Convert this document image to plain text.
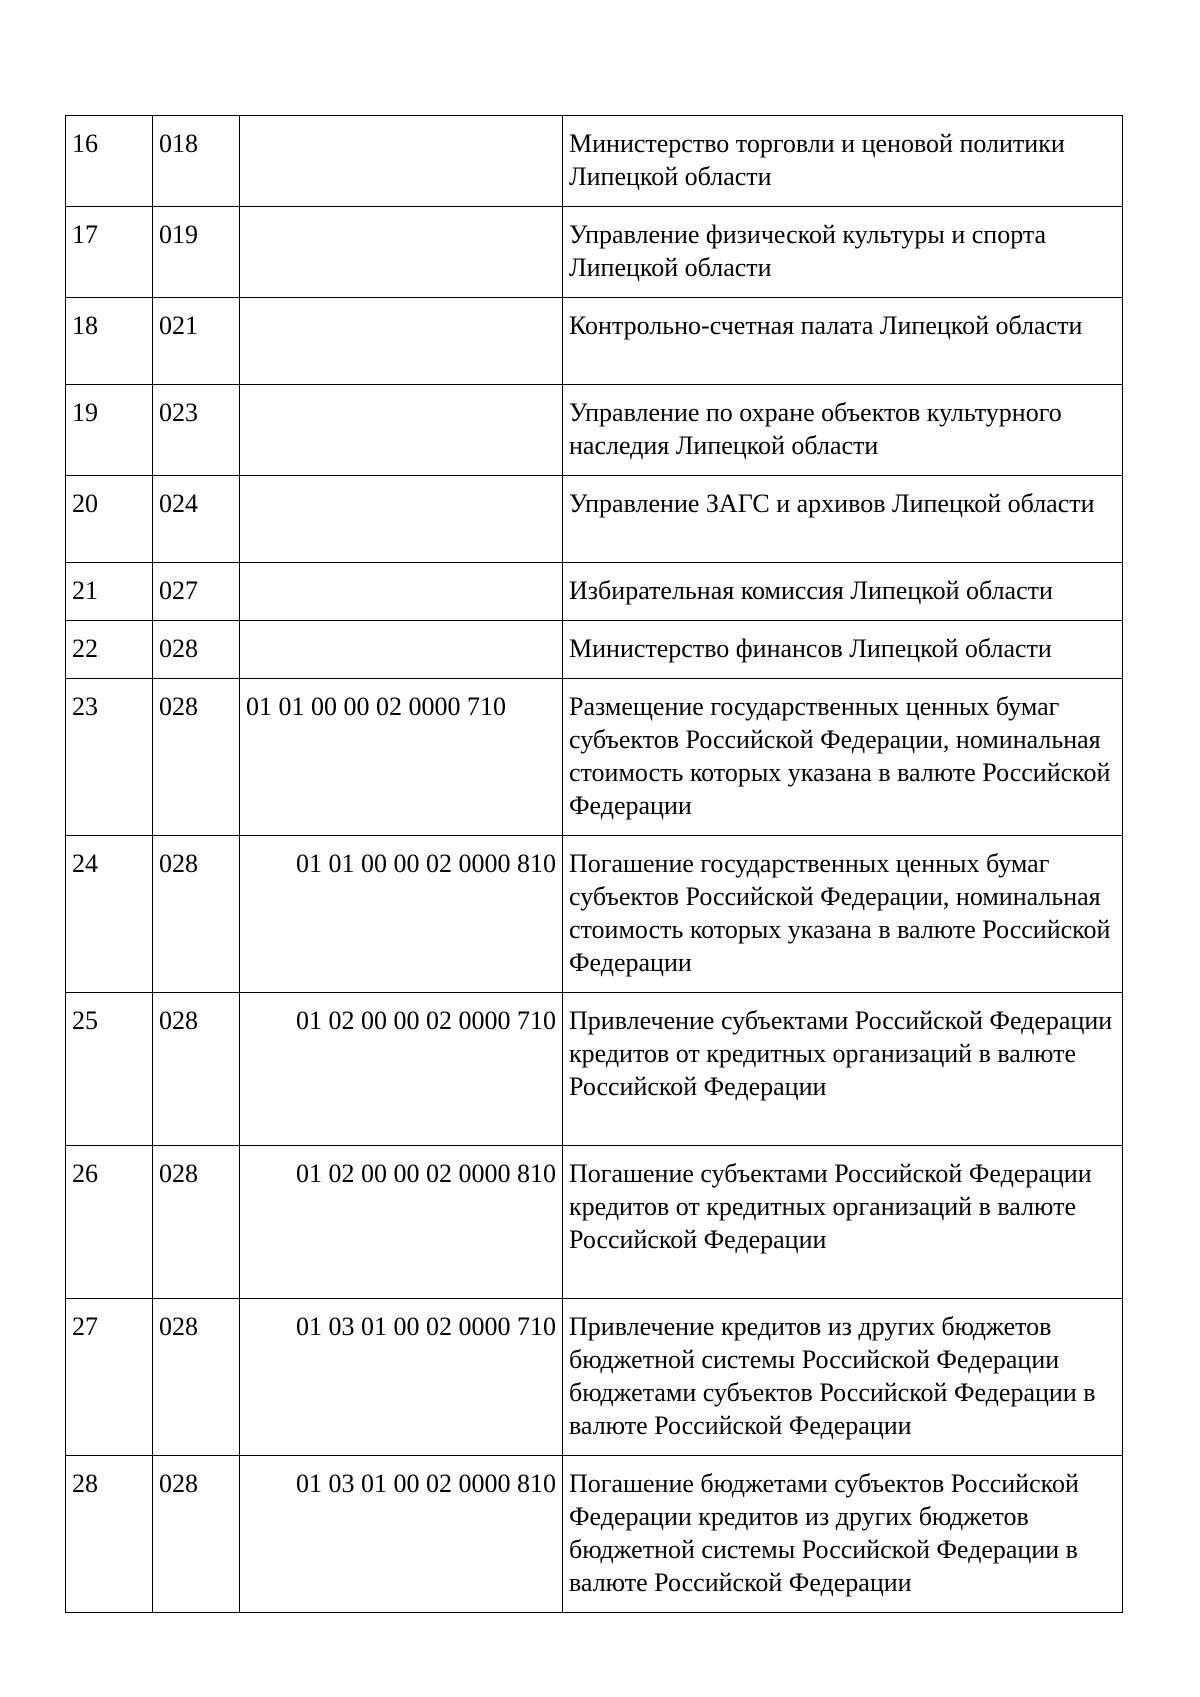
16	018		Министерство торговли и ценовой политики Липецкой области
17	019		Управление физической культуры и спорта Липецкой области
18	021		Контрольно-счетная палата Липецкой области
19	023		Управление по охране объектов культурного наследия Липецкой области
20	024		Управление ЗАГС и архивов Липецкой области
21	027		Избирательная комиссия Липецкой области
22	028		Министерство финансов Липецкой области
23	028	01 01 00 00 02 0000 710	Размещение государственных ценных бумаг субъектов Российской Федерации, номинальная стоимость которых указана в валюте Российской Федерации
24	028	01 01 00 00 02 0000 810	Погашение государственных ценных бумаг субъектов Российской Федерации, номинальная стоимость которых указана в валюте Российской Федерации
25	028	01 02 00 00 02 0000 710	Привлечение субъектами Российской Федерации кредитов от кредитных организаций в валюте Российской Федерации
26	028	01 02 00 00 02 0000 810	Погашение субъектами Российской Федерации кредитов от кредитных организаций в валюте Российской Федерации
27	028	01 03 01 00 02 0000 710	Привлечение кредитов из других бюджетов бюджетной системы Российской Федерации бюджетами субъектов Российской Федерации в валюте Российской Федерации
28	028	01 03 01 00 02 0000 810	Погашение бюджетами субъектов Российской Федерации кредитов из других бюджетов бюджетной системы Российской Федерации в валюте Российской Федерации
